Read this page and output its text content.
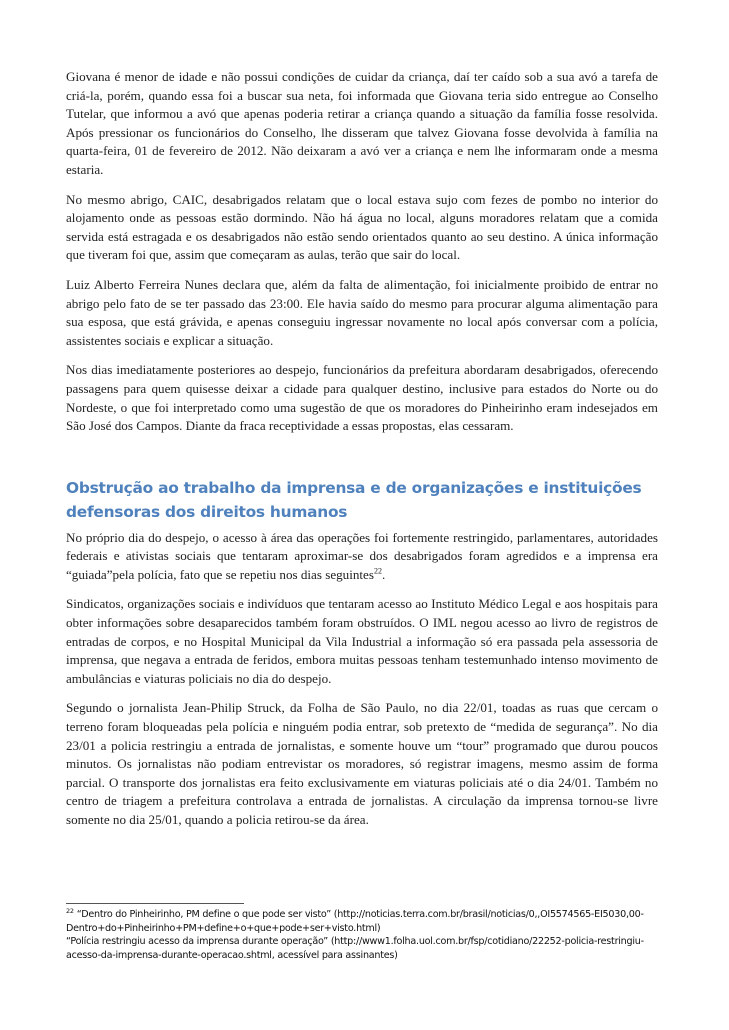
Giovana é menor de idade e não possui condições de cuidar da criança, daí ter caído sob a sua avó a tarefa de criá-la, porém, quando essa foi a buscar sua neta, foi informada que Giovana teria sido entregue ao Conselho Tutelar, que informou a avó que apenas poderia retirar a criança quando a situação da família fosse resolvida. Após pressionar os funcionários do Conselho, lhe disseram que talvez Giovana fosse devolvida à família na quarta-feira, 01 de fevereiro de 2012. Não deixaram a avó ver a criança e nem lhe informaram onde a mesma estaria.

No mesmo abrigo, CAIC, desabrigados relatam que o local estava sujo com fezes de pombo no interior do alojamento onde as pessoas estão dormindo. Não há água no local, alguns moradores relatam que a comida servida está estragada e os desabrigados não estão sendo orientados quanto ao seu destino. A única informação que tiveram foi que, assim que começaram as aulas, terão que sair do local.

Luiz Alberto Ferreira Nunes declara que, além da falta de alimentação, foi inicialmente proibido de entrar no abrigo pelo fato de se ter passado das 23:00. Ele havia saído do mesmo para procurar alguma alimentação para sua esposa, que está grávida, e apenas conseguiu ingressar novamente no local após conversar com a polícia, assistentes sociais e explicar a situação.

Nos dias imediatamente posteriores ao despejo, funcionários da prefeitura abordaram desabrigados, oferecendo passagens para quem quisesse deixar a cidade para qualquer destino, inclusive para estados do Norte ou do Nordeste, o que foi interpretado como uma sugestão de que os moradores do Pinheirinho eram indesejados em São José dos Campos. Diante da fraca receptividade a essas propostas, elas cessaram.

Obstrução ao trabalho da imprensa e de organizações e instituições defensoras dos direitos humanos

No próprio dia do despejo, o acesso à área das operações foi fortemente restringido, parlamentares, autoridades federais e ativistas sociais que tentaram aproximar-se dos desabrigados foram agredidos e a imprensa era “guiada”pela polícia, fato que se repetiu nos dias seguintes$^{22}$.

Sindicatos, organizações sociais e indivíduos que tentaram acesso ao Instituto Médico Legal e aos hospitais para obter informações sobre desaparecidos também foram obstruídos. O IML negou acesso ao livro de registros de entradas de corpos, e no Hospital Municipal da Vila Industrial a informação só era passada pela assessoria de imprensa, que negava a entrada de feridos, embora muitas pessoas tenham testemunhado intenso movimento de ambulâncias e viaturas policiais no dia do despejo.

Segundo o jornalista Jean-Philip Struck, da Folha de São Paulo, no dia 22/01, toadas as ruas que cercam o terreno foram bloqueadas pela polícia e ninguém podia entrar, sob pretexto de “medida de segurança”. No dia 23/01 a policia restringiu a entrada de jornalistas, e somente houve um “tour” programado que durou poucos minutos. Os jornalistas não podiam entrevistar os moradores, só registrar imagens, mesmo assim de forma parcial. O transporte dos jornalistas era feito exclusivamente em viaturas policiais até o dia 24/01. Também no centro de triagem a prefeitura controlava a entrada de jornalistas. A circulação da imprensa tornou-se livre somente no dia 25/01, quando a policia retirou-se da área.

$^{22}$ “Dentro do Pinheirinho, PM define o que pode ser visto” (http://noticias.terra.com.br/brasil/noticias/0,,OI5574565-EI5030,00-Dentro+do+Pinheirinho+PM+define+o+que+pode+ser+visto.html)

“Polícia restringiu acesso da imprensa durante operação” (http://www1.folha.uol.com.br/fsp/cotidiano/22252-policia-restringiu-acesso-da-imprensa-durante-operacao.shtml, acessível para assinantes)
